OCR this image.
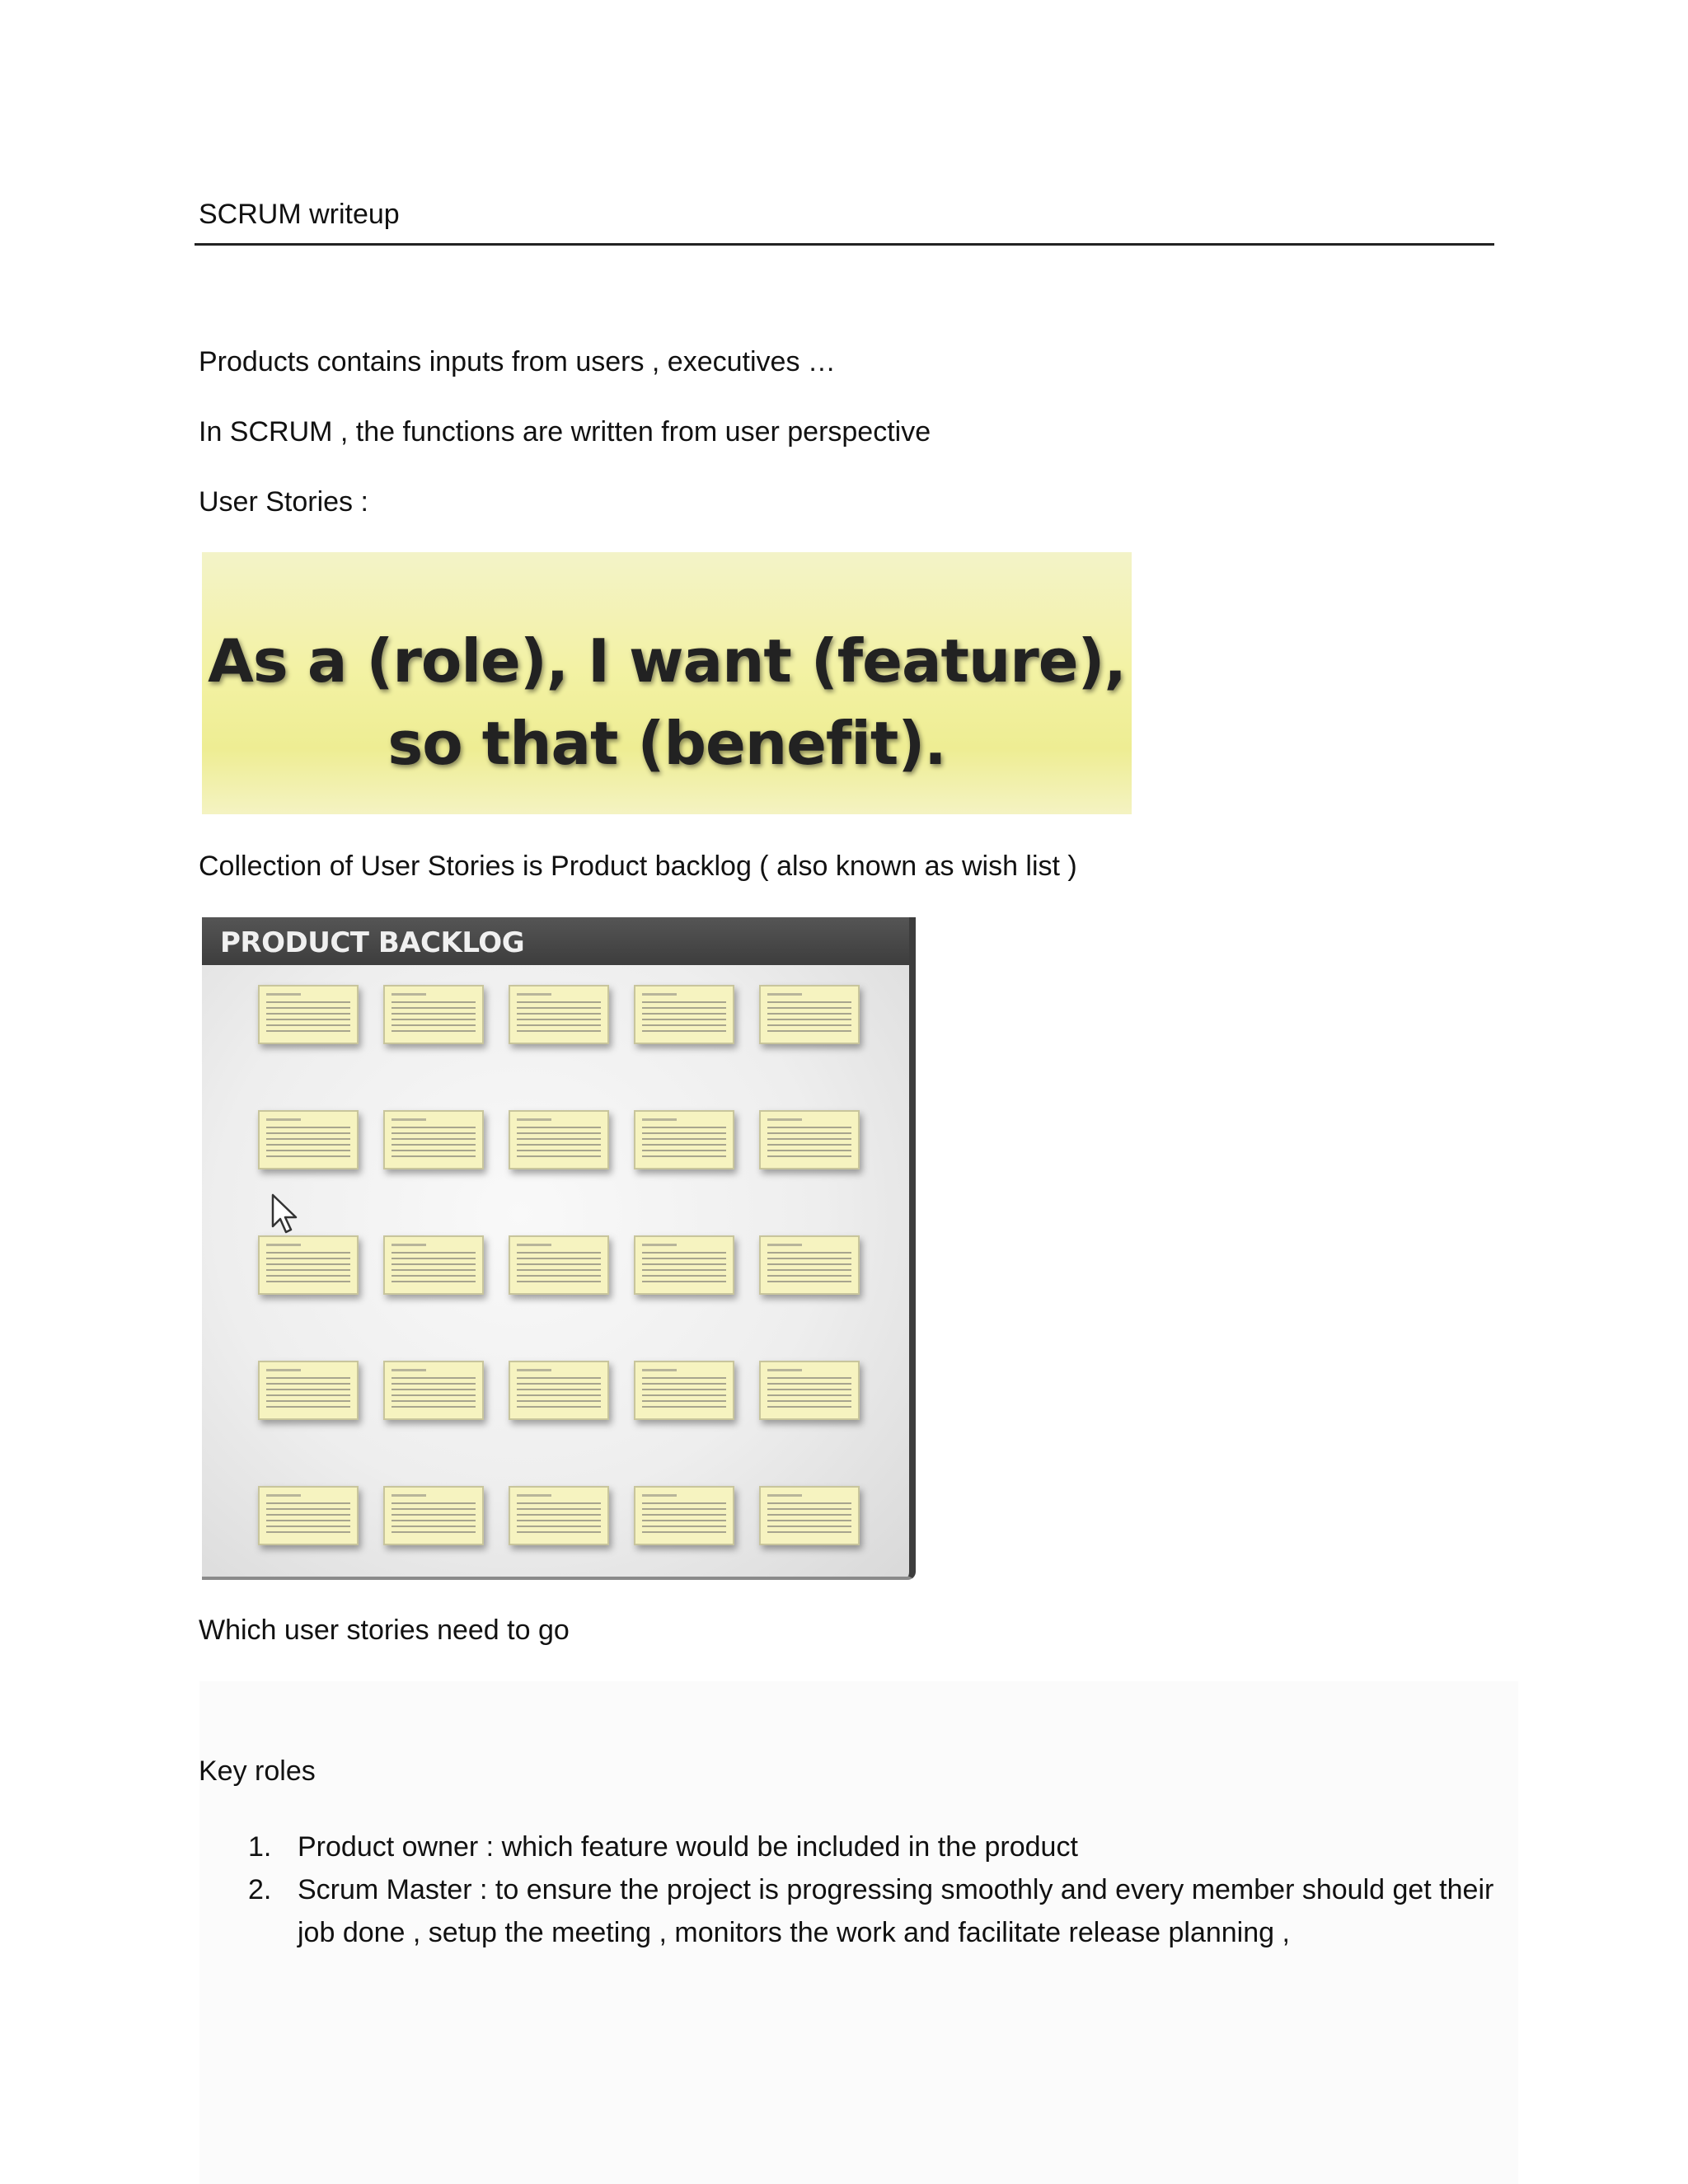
SCRUM writeup
Products contains inputs from users , executives …
In SCRUM , the functions are written from user perspective
User Stories :
As a (role), I want (feature),
so that (benefit).
Collection of User Stories is Product backlog ( also known as wish list )
PRODUCT BACKLOG
Which user stories need to go
Key roles
1. Product owner : which feature would be included in the product
2. Scrum Master : to ensure the project is progressing smoothly and every member should get their job done , setup the meeting , monitors the work and facilitate release planning ,
